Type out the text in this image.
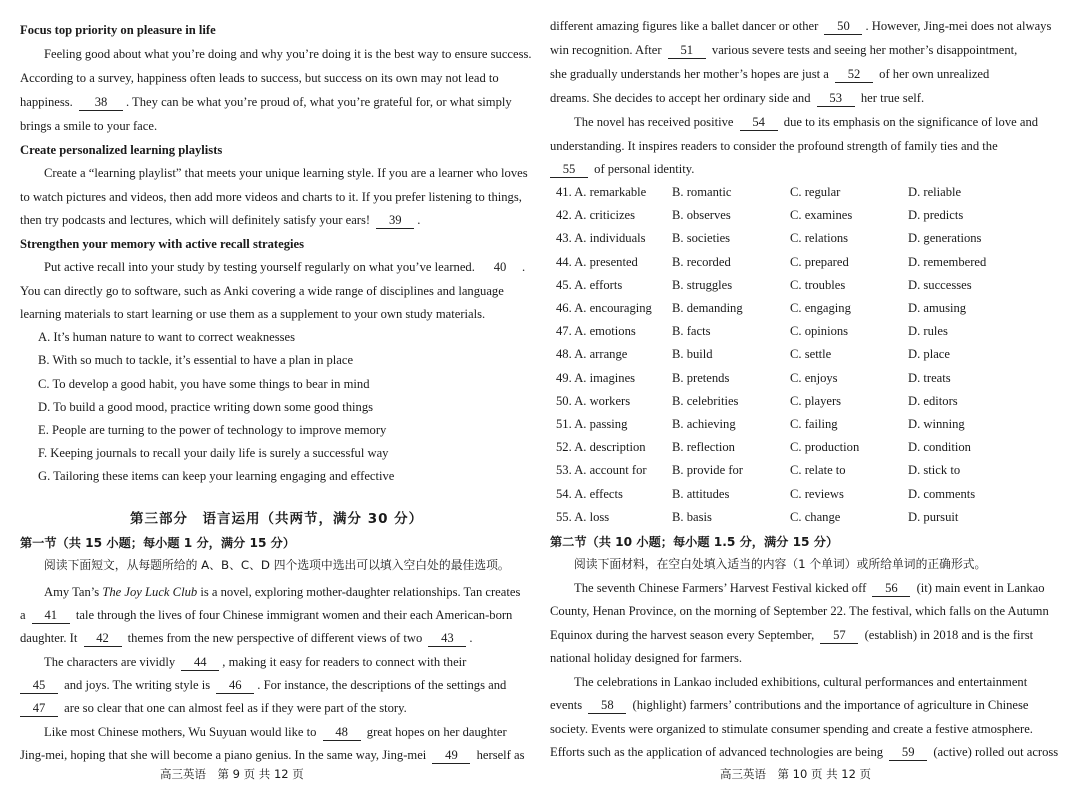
Focus top priority on pleasure in life
Feeling good about what you’re doing and why you’re doing it is the best way to ensure success.
According to a survey, happiness often leads to success, but success on its own may not lead to
happiness. 38 . They can be what you’re proud of, what you’re grateful for, or what simply
brings a smile to your face.
Create personalized learning playlists
Create a “learning playlist” that meets your unique learning style. If you are a learner who loves
to watch pictures and videos, then add more videos and charts to it. If you prefer listening to things,
then try podcasts and lectures, which will definitely satisfy your ears! 39 .
Strengthen your memory with active recall strategies
Put active recall into your study by testing yourself regularly on what you’ve learned. 40 .
You can directly go to software, such as Anki covering a wide range of disciplines and language
learning materials to start learning or use them as a supplement to your own study materials.
A. It’s human nature to want to correct weaknesses
B. With so much to tackle, it’s essential to have a plan in place
C. To develop a good habit, you have some things to bear in mind
D. To build a good mood, practice writing down some good things
E. People are turning to the power of technology to improve memory
F. Keeping journals to recall your daily life is surely a successful way
G. Tailoring these items can keep your learning engaging and effective
第三部分　语言运用（共两节，满分 30 分）
第一节（共 15 小题；每小题 1 分，满分 15 分）
阅读下面短文，从每题所给的 A、B、C、D 四个选项中选出可以填入空白处的最佳选项。
Amy Tan’s The Joy Luck Club is a novel, exploring mother-daughter relationships. Tan creates
a 41 tale through the lives of four Chinese immigrant women and their each American-born
daughter. It 42 themes from the new perspective of different views of two 43 .
The characters are vividly 44 , making it easy for readers to connect with their
45 and joys. The writing style is 46 . For instance, the descriptions of the settings and
47 are so clear that one can almost feel as if they were part of the story.
Like most Chinese mothers, Wu Suyuan would like to 48 great hopes on her daughter
Jing-mei, hoping that she will become a piano genius. In the same way, Jing-mei 49 herself as
高三英语　第 9 页 共 12 页
different amazing figures like a ballet dancer or other 50 . However, Jing-mei does not always
win recognition. After 51 various severe tests and seeing her mother’s disappointment,
she gradually understands her mother’s hopes are just a 52 of her own unrealized
dreams. She decides to accept her ordinary side and 53 her true self.
The novel has received positive 54 due to its emphasis on the significance of love and
understanding. It inspires readers to consider the profound strength of family ties and the
55 of personal identity.
41. A. remarkable B. romantic	C. regular	D. reliable
42. A. criticizes	B. observes	C. examines	D. predicts
43. A. individuals B. societies	C. relations	D. generations
44. A. presented	B. recorded	C. prepared	D. remembered
45. A. efforts	B. struggles	C. troubles	D. successes
46. A. encouraging B. demanding	C. engaging	D. amusing
47. A. emotions	B. facts	C. opinions	D. rules
48. A. arrange	B. build	C. settle	D. place
49. A. imagines	B. pretends	C. enjoys	D. treats
50. A. workers	B. celebrities	C. players	D. editors
51. A. passing	B. achieving	C. failing	D. winning
52. A. description B. reflection	C. production	D. condition
53. A. account for B. provide for	C. relate to	D. stick to
54. A. effects	B. attitudes	C. reviews	D. comments
55. A. loss	B. basis	C. change	D. pursuit
第二节（共 10 小题；每小题 1.5 分，满分 15 分）
阅读下面材料，在空白处填入适当的内容（1 个单词）或所给单词的正确形式。
The seventh Chinese Farmers’ Harvest Festival kicked off 56 (it) main event in Lankao
County, Henan Province, on the morning of September 22. The festival, which falls on the Autumn
Equinox during the harvest season every September, 57 (establish) in 2018 and is the first
national holiday designed for farmers.
The celebrations in Lankao included exhibitions, cultural performances and entertainment
events 58 (highlight) farmers’ contributions and the importance of agriculture in Chinese
society. Events were organized to stimulate consumer spending and create a festive atmosphere.
Efforts such as the application of advanced technologies are being 59 (active) rolled out across
高三英语　第 10 页 共 12 页
